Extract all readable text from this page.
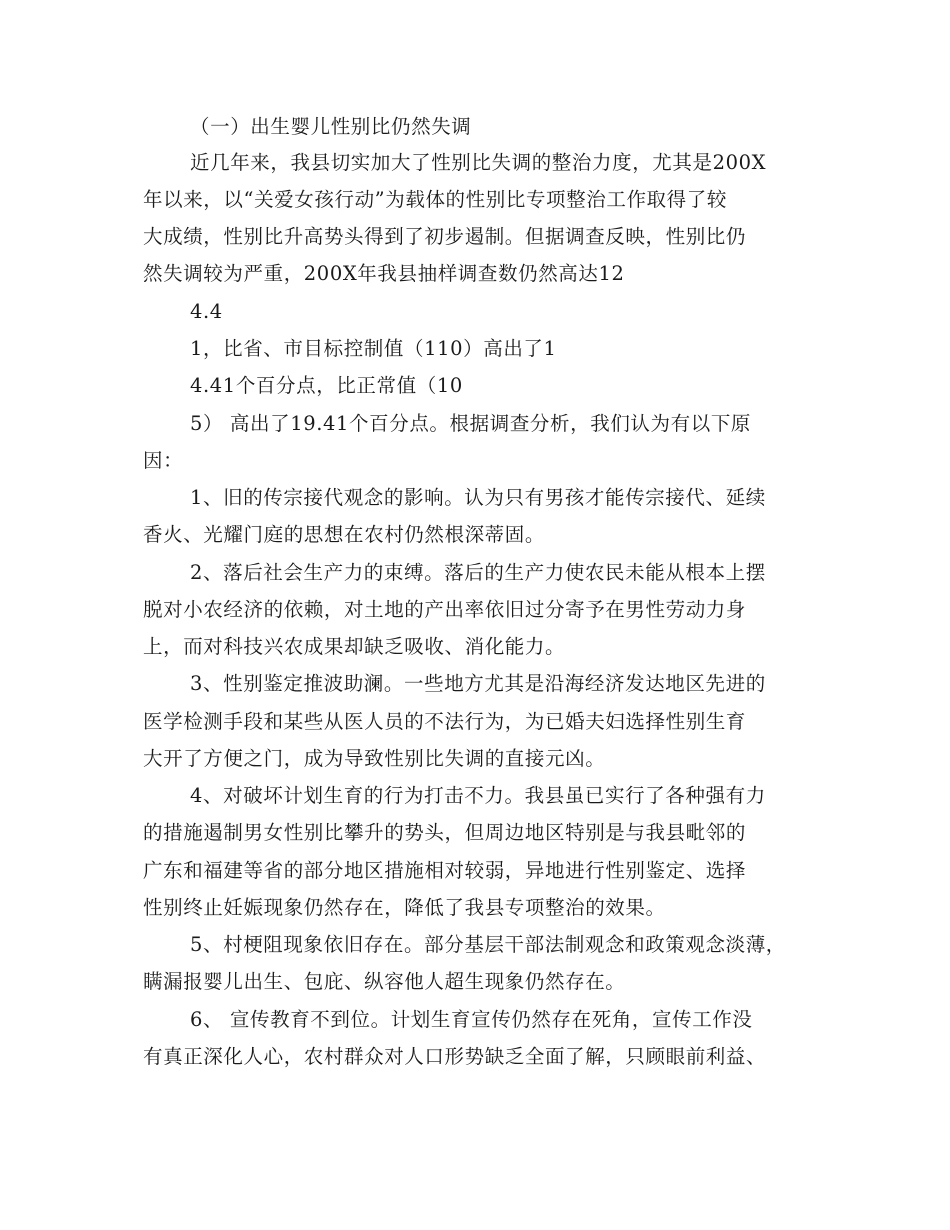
（一）出生婴儿性别比仍然失调
近几年来，我县切实加大了性别比失调的整治力度，尤其是200X
年以来，以“关爱女孩行动”为载体的性别比专项整治工作取得了较
大成绩，性别比升高势头得到了初步遏制。但据调查反映，性别比仍
然失调较为严重，200X年我县抽样调查数仍然高达12
4.4
1，比省、市目标控制值（110）高出了1
4.41个百分点，比正常值（10
5） 高出了19.41个百分点。根据调查分析，我们认为有以下原
因：
1、旧的传宗接代观念的影响。认为只有男孩才能传宗接代、延续
香火、光耀门庭的思想在农村仍然根深蒂固。
2、落后社会生产力的束缚。落后的生产力使农民未能从根本上摆
脱对小农经济的依赖，对土地的产出率依旧过分寄予在男性劳动力身
上，而对科技兴农成果却缺乏吸收、消化能力。
3、性别鉴定推波助澜。一些地方尤其是沿海经济发达地区先进的
医学检测手段和某些从医人员的不法行为，为已婚夫妇选择性别生育
大开了方便之门，成为导致性别比失调的直接元凶。
4、对破坏计划生育的行为打击不力。我县虽已实行了各种强有力
的措施遏制男女性别比攀升的势头，但周边地区特别是与我县毗邻的
广东和福建等省的部分地区措施相对较弱，异地进行性别鉴定、选择
性别终止妊娠现象仍然存在，降低了我县专项整治的效果。
5、村梗阻现象依旧存在。部分基层干部法制观念和政策观念淡薄，
瞒漏报婴儿出生、包庇、纵容他人超生现象仍然存在。
6、 宣传教育不到位。计划生育宣传仍然存在死角，宣传工作没
有真正深化人心，农村群众对人口形势缺乏全面了解，只顾眼前利益、
